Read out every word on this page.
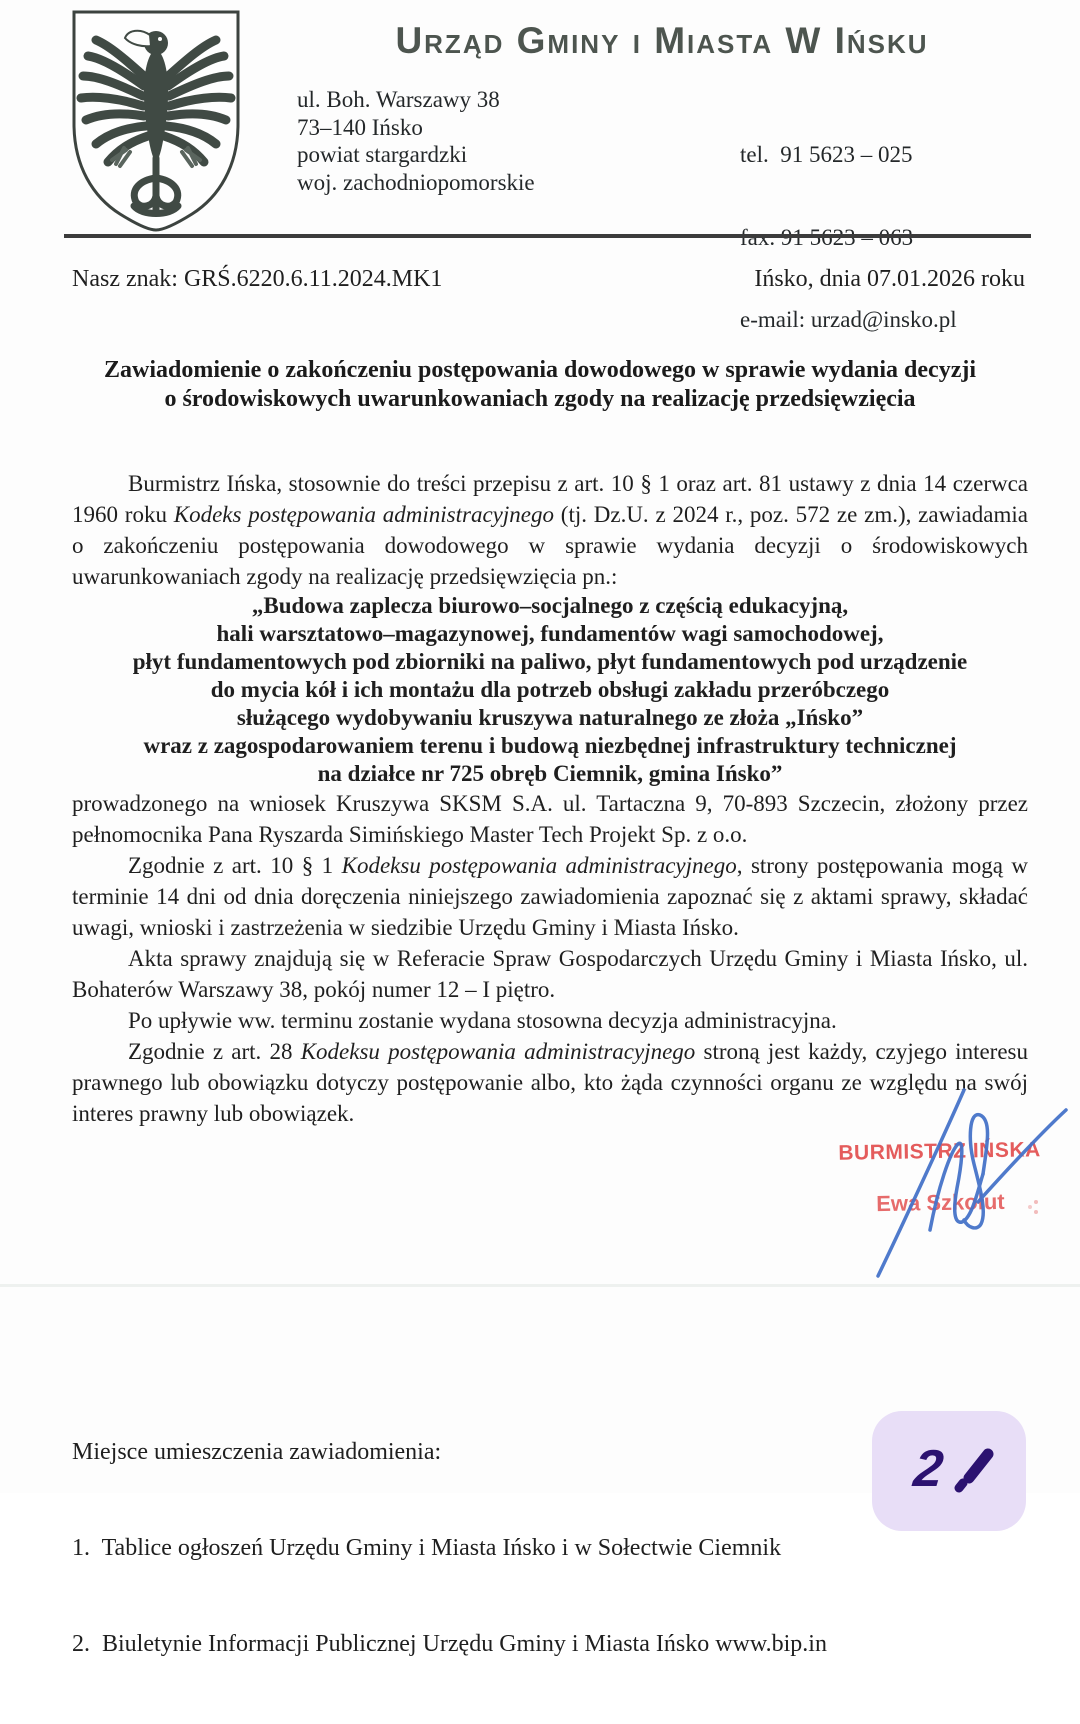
Urząd Gminy i Miasta W Ińsku
ul. Boh. Warszawy 38
73–140 Ińsko
powiat stargardzki
woj. zachodniopomorskie

tel.  91 5623 – 025

e-mail: urzad@insko.pl

Nasz znak: GRŚ.6220.6.11.2024.MK1	Ińsko, dnia 07.01.2026 roku
Zawiadomienie o zakończeniu postępowania dowodowego w sprawie wydania decyzji
o środowiskowych uwarunkowaniach zgody na realizację przedsięwzięcia

Burmistrz Ińska, stosownie do treści przepisu z art. 10 § 1 oraz art. 81 ustawy z dnia 14 czerwca 1960 roku Kodeks postępowania administracyjnego (tj. Dz.U. z 2024 r., poz. 572 ze zm.), zawiadamia o zakończeniu postępowania dowodowego w sprawie wydania decyzji o środowiskowych uwarunkowaniach zgody na realizację przedsięwzięcia pn.:

„Budowa zaplecza biurowo–socjalnego z częścią edukacyjną,
hali warsztatowo–magazynowej, fundamentów wagi samochodowej,
płyt fundamentowych pod zbiorniki na paliwo, płyt fundamentowych pod urządzenie
do mycia kół i ich montażu dla potrzeb obsługi zakładu przeróbczego
służącego wydobywaniu kruszywa naturalnego ze złoża „Ińsko”
wraz z zagospodarowaniem terenu i budową niezbędnej infrastruktury technicznej
na działce nr 725 obręb Ciemnik, gmina Ińsko”

prowadzonego na wniosek Kruszywa SKSM S.A. ul. Tartaczna 9, 70-893 Szczecin, złożony przez pełnomocnika Pana Ryszarda Simińskiego Master Tech Projekt Sp. z o.o.

Zgodnie z art. 10 § 1 Kodeksu postępowania administracyjnego, strony postępowania mogą w terminie 14 dni od dnia doręczenia niniejszego zawiadomienia zapoznać się z aktami sprawy, składać uwagi, wnioski i zastrzeżenia w siedzibie Urzędu Gminy i Miasta Ińsko.

Akta sprawy znajdują się w Referacie Spraw Gospodarczych Urzędu Gminy i Miasta Ińsko, ul. Bohaterów Warszawy 38, pokój numer 12 – I piętro.

Po upływie ww. terminu zostanie wydana stosowna decyzja administracyjna.

Zgodnie z art. 28 Kodeksu postępowania administracyjnego stroną jest każdy, czyjego interesu prawnego lub obowiązku dotyczy postępowanie albo, kto żąda czynności organu ze względu na swój interes prawny lub obowiązek.

BURMISTRZ IŃSKA
Ewa Szkołut

Miejsce umieszczenia zawiadomienia:

1.  Tablice ogłoszeń Urzędu Gminy i Miasta Ińsko i w Sołectwie Ciemnik

2.  Biuletynie Informacji Publicznej Urzędu Gminy i Miasta Ińsko www.bip.in

2
